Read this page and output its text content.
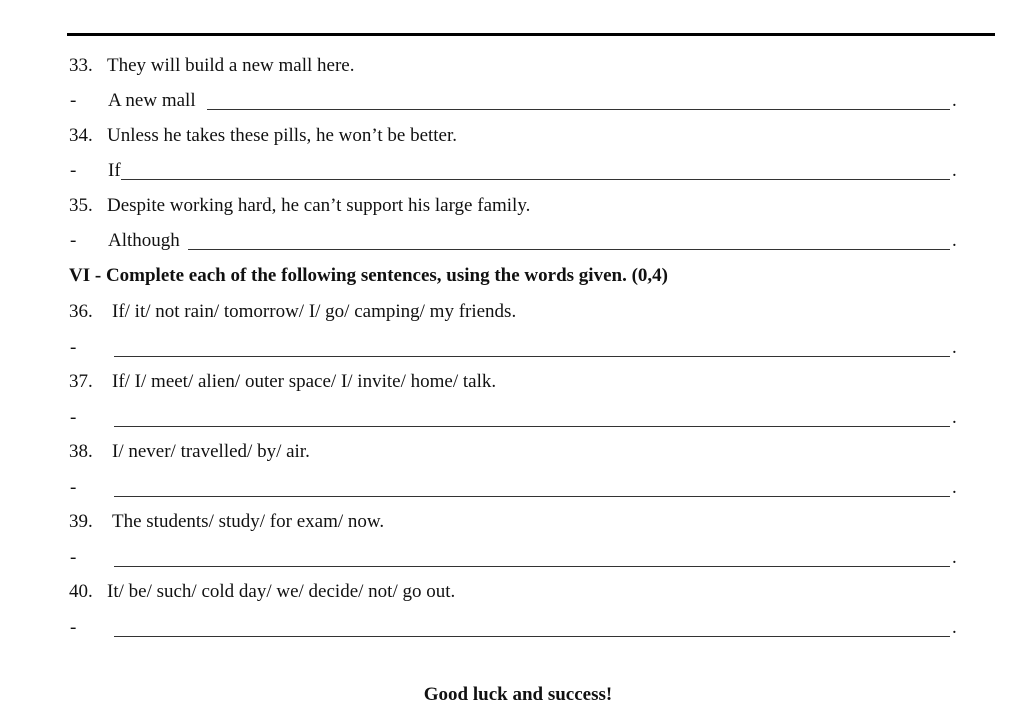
33. They will build a new mall here.
- A new mall	.
34. Unless he takes these pills, he won’t be better.
- If	.
35. Despite working hard, he can’t support his large family.
- Although	.
VI - Complete each of the following sentences, using the words given. (0,4)
36. If/ it/ not rain/ tomorrow/ I/ go/ camping/ my friends.
-	.
37. If/ I/ meet/ alien/ outer space/ I/ invite/ home/ talk.
-	.
38. I/ never/ travelled/ by/ air.
-	.
39. The students/ study/ for exam/ now.
-	.
40. It/ be/ such/ cold day/ we/ decide/ not/ go out.
-	.
Good luck and success!
